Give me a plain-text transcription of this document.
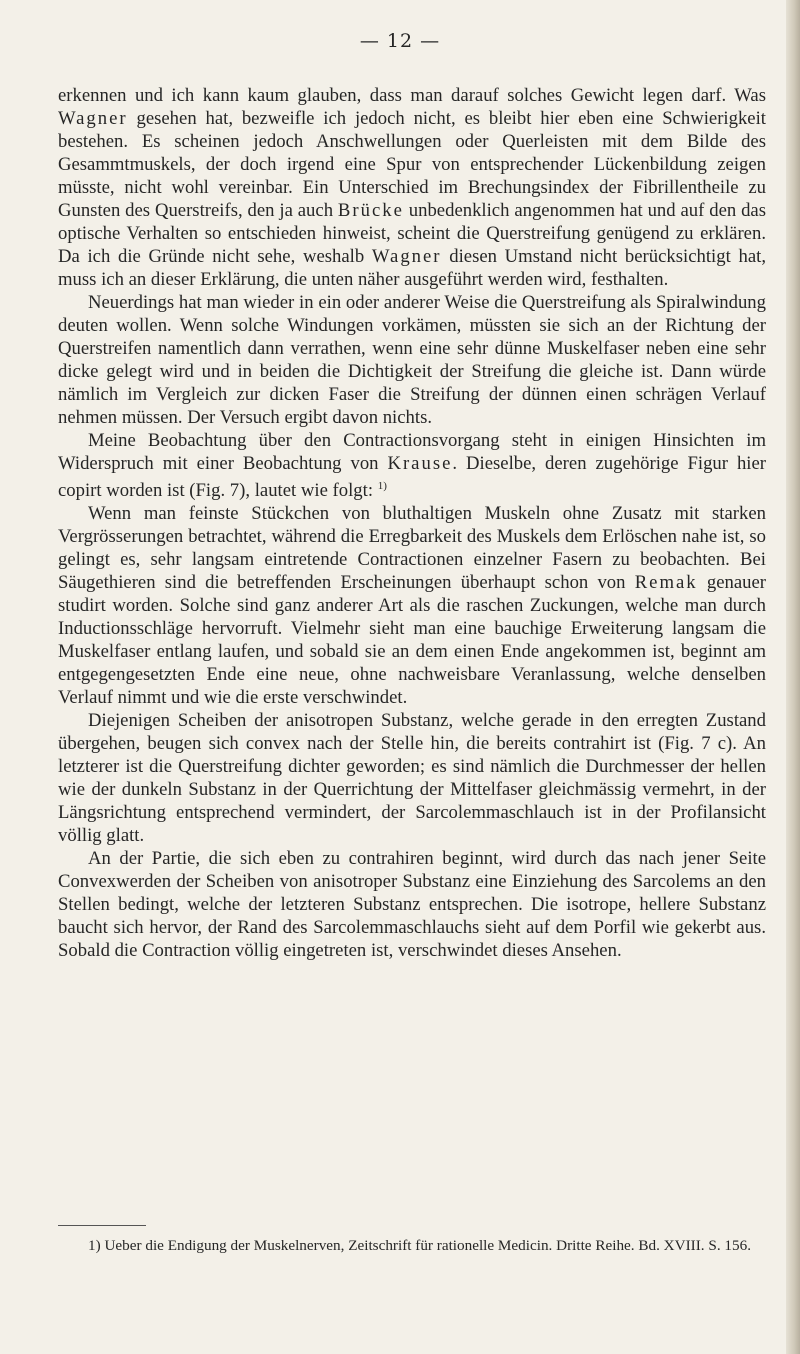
— 12 —

erkennen und ich kann kaum glauben, dass man darauf solches Gewicht legen darf. Was Wagner gesehen hat, bezweifle ich jedoch nicht, es bleibt hier eben eine Schwierigkeit bestehen. Es scheinen jedoch Anschwellungen oder Querleisten mit dem Bilde des Gesammtmuskels, der doch irgend eine Spur von entsprechender Lückenbildung zeigen müsste, nicht wohl vereinbar. Ein Unterschied im Brechungsindex der Fibrillentheile zu Gunsten des Querstreifs, den ja auch Brücke unbedenklich angenommen hat und auf den das optische Verhalten so entschieden hinweist, scheint die Querstreifung genügend zu erklären. Da ich die Gründe nicht sehe, weshalb Wagner diesen Umstand nicht berücksichtigt hat, muss ich an dieser Erklärung, die unten näher ausgeführt werden wird, festhalten.

Neuerdings hat man wieder in ein oder anderer Weise die Querstreifung als Spiralwindung deuten wollen. Wenn solche Windungen vorkämen, müssten sie sich an der Richtung der Querstreifen namentlich dann verrathen, wenn eine sehr dünne Muskelfaser neben eine sehr dicke gelegt wird und in beiden die Dichtigkeit der Streifung die gleiche ist. Dann würde nämlich im Vergleich zur dicken Faser die Streifung der dünnen einen schrägen Verlauf nehmen müssen. Der Versuch ergibt davon nichts.

Meine Beobachtung über den Contractionsvorgang steht in einigen Hinsichten im Widerspruch mit einer Beobachtung von Krause. Dieselbe, deren zugehörige Figur hier copirt worden ist (Fig. 7), lautet wie folgt: $^{1)}$

Wenn man feinste Stückchen von bluthaltigen Muskeln ohne Zusatz mit starken Vergrösserungen betrachtet, während die Erregbarkeit des Muskels dem Erlöschen nahe ist, so gelingt es, sehr langsam eintretende Contractionen einzelner Fasern zu beobachten. Bei Säugethieren sind die betreffenden Erscheinungen überhaupt schon von Remak genauer studirt worden. Solche sind ganz anderer Art als die raschen Zuckungen, welche man durch Inductionsschläge hervorruft. Vielmehr sieht man eine bauchige Erweiterung langsam die Muskelfaser entlang laufen, und sobald sie an dem einen Ende angekommen ist, beginnt am entgegengesetzten Ende eine neue, ohne nachweisbare Veranlassung, welche denselben Verlauf nimmt und wie die erste verschwindet.

Diejenigen Scheiben der anisotropen Substanz, welche gerade in den erregten Zustand übergehen, beugen sich convex nach der Stelle hin, die bereits contrahirt ist (Fig. 7 c). An letzterer ist die Querstreifung dichter geworden; es sind nämlich die Durchmesser der hellen wie der dunkeln Substanz in der Querrichtung der Mittelfaser gleichmässig vermehrt, in der Längsrichtung entsprechend vermindert, der Sarcolemmaschlauch ist in der Profilansicht völlig glatt.

An der Partie, die sich eben zu contrahiren beginnt, wird durch das nach jener Seite Convexwerden der Scheiben von anisotroper Substanz eine Einziehung des Sarcolems an den Stellen bedingt, welche der letzteren Substanz entsprechen. Die isotrope, hellere Substanz baucht sich hervor, der Rand des Sarcolemmaschlauchs sieht auf dem Porfil wie gekerbt aus. Sobald die Contraction völlig eingetreten ist, verschwindet dieses Ansehen.

1) Ueber die Endigung der Muskelnerven, Zeitschrift für rationelle Medicin. Dritte Reihe. Bd. XVIII. S. 156.
